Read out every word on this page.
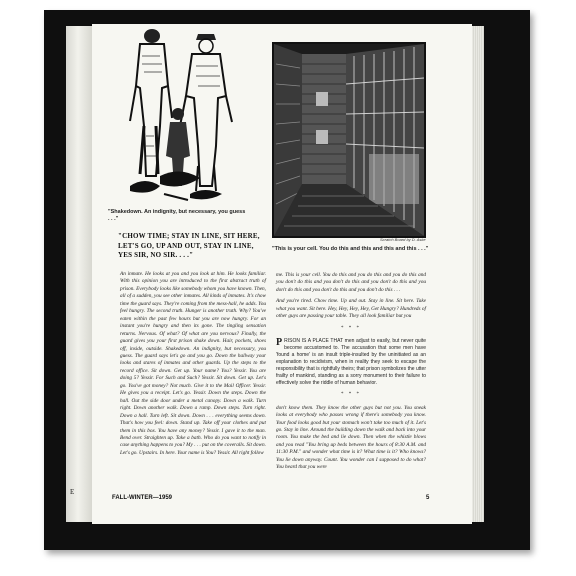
E
"Shakedown. An indignity, but necessary, you guess . . ."
Scratch Board by D. Aske
"This is your cell. You do this and this and this and this . . ."
"CHOW TIME; STAY IN LINE, SIT HERE, LET'S GO, UP AND OUT, STAY IN LINE, YES SIR, NO SIR. . . ."
An inmate. He looks at you and you look at him. He looks familiar. With this opinion you are introduced to the first abstract truth of prison. Everybody looks like somebody whom you have known. Then, all of a sudden, you see other inmates. All kinds of inmates. It's chow time the guard says. They're coming from the mess-hall, he adds. You feel hungry. The second truth. Hunger is another truth. Why? You've eaten within the past few hours but you are now hungry. For an instant you're hungry and then its gone. The tingling sensation returns. Nervous. Of what? Of what are you nervous? Finally, the guard gives you your first prison shake down. Hair, pockets, shoes off, inside, outside. Shakedown. An indignity, but necessary, you guess. The guard says let's go and you go. Down the hallway your looks and stares of inmates and other guards. Up the steps to the record office. Sit down. Get up. Your name? You? Yessir. You are doing 5? Yessir. For Such and Such? Yessir. Sit down. Get up. Let's go. You've got money? Not much. Give it to the Mail Officer. Yessir. He gives you a receipt. Let's go. Yessir. Down the steps. Down the hall. Out the side door under a metal canopy. Down a walk. Turn right. Down another walk. Down a ramp. Down steps. Turn right. Down a hall. Turn left. Sit down. Down . . . everything seems down. That's how you feel: down. Stand up. Take off your clothes and put them in this box. You have any money? Yessir. I gave it to the man. Bend over. Straighten up. Take a bath. Who do you want to notify in case anything happens to you? My . . . put on the coveralls. Sit down. Let's go. Upstairs. In here. Your name is You? Yessir. All right follow

me. This is your cell. You do this and you do this and you do this and you don't do this and you don't do this and you don't do this and you don't do this and you don't do this and you don't do this . . .

And you're tired. Chow time. Up and out. Stay in line. Sit here. Take what you want. Sit here. Hey, Hey, Hey, Hey, Get Hungry? Hundreds of other guys are passing your table. They all look familiar but you

* * *

PRISON IS A PLACE THAT men adjust to easily, but never quite become accustomed to. The accusation that some men have 'found a home' is an insult triple-insulted by the uninitiated as an explanation to recidivism, when in reality they seek to escape the responsibility that is rightfully theirs; that prison symbolizes the utter frailty of mankind, standing as a sorry monument to their failure to effectively solve the riddle of human behavior.

* * *

don't know them. They know the other guys but not you. You sneak looks at everybody who passes wrong if there's somebody you know. Your food looks good but your stomach won't take too much of it. Let's go. Stay in line. Around the building down the walk and back into your room. You make the bed and lie down. Then when the whistle blows and you read "You bring up beds between the hours of 8:30 A.M. and 11:30 P.M." and wonder what time is it? What time is it? Who knows? You lie down anyway. Count. You wonder can I supposed to do what? You heard that you were

FALL-WINTER—1959	5
